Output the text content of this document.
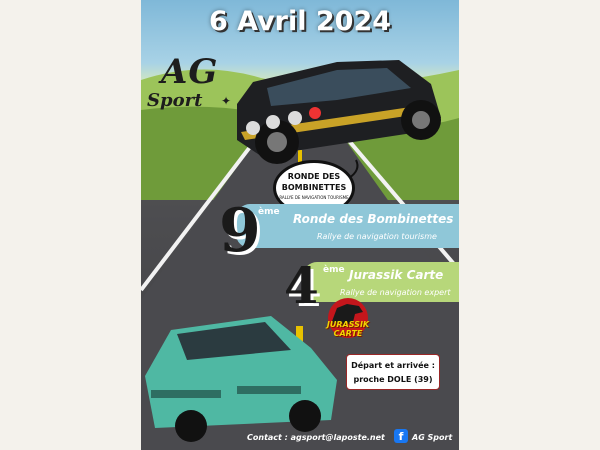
6 Avril 2024
AG
Sport ✦
RONDE DES
BOMBINETTES
RALLYE DE NAVIGATION TOURISME
9
ème Ronde des Bombinettes
Rallye de navigation tourisme
4 ème Jurassik Carte
Rallye de navigation expert
JURASSIK CARTE
Départ et arrivée :
proche DOLE (39)
Contact : agsport@laposte.net	f	AG Sport
